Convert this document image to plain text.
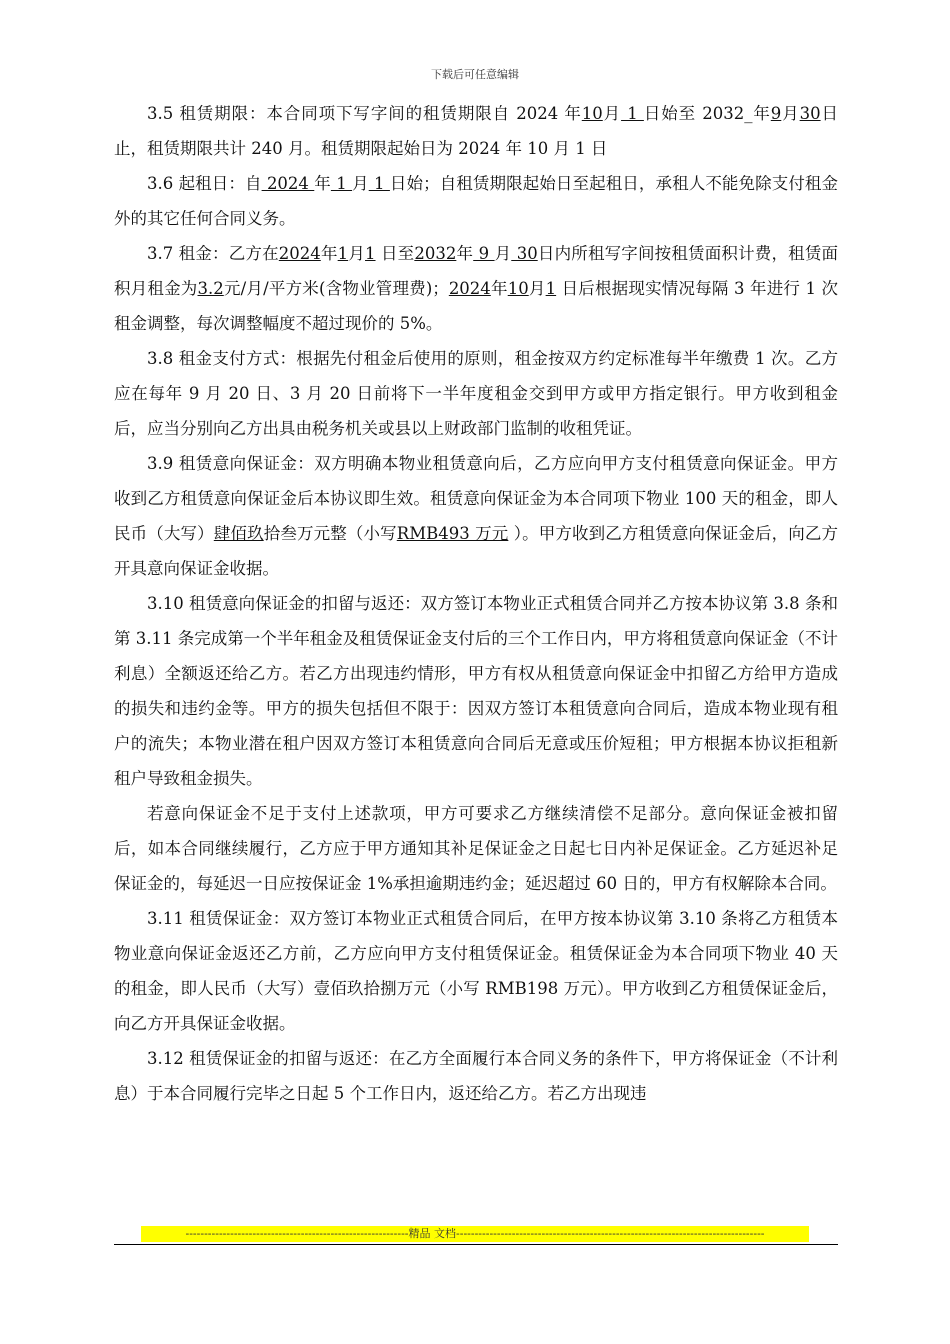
下载后可任意编辑

3.5 租赁期限：本合同项下写字间的租赁期限自 2024 年10月 1 日始至 2032_年9月30日止，租赁期限共计 240 月。租赁期限起始日为 2024 年 10 月 1 日

3.6 起租日：自 2024 年 1 月 1 日始；自租赁期限起始日至起租日，承租人不能免除支付租金外的其它任何合同义务。

3.7 租金：乙方在2024年1月1 日至2032年 9 月 30日内所租写字间按租赁面积计费，租赁面积月租金为3.2元/月/平方米(含物业管理费)；2024年10月1 日后根据现实情况每隔 3 年进行 1 次租金调整，每次调整幅度不超过现价的 5%。

3.8 租金支付方式：根据先付租金后使用的原则，租金按双方约定标准每半年缴费 1 次。乙方应在每年 9 月 20 日、3 月 20 日前将下一半年度租金交到甲方或甲方指定银行。甲方收到租金后，应当分别向乙方出具由税务机关或县以上财政部门监制的收租凭证。

3.9 租赁意向保证金：双方明确本物业租赁意向后，乙方应向甲方支付租赁意向保证金。甲方收到乙方租赁意向保证金后本协议即生效。租赁意向保证金为本合同项下物业 100 天的租金，即人民币（大写）肆佰玖拾叁万元整（小写RMB493 万元 ）。甲方收到乙方租赁意向保证金后，向乙方开具意向保证金收据。

3.10 租赁意向保证金的扣留与返还：双方签订本物业正式租赁合同并乙方按本协议第 3.8 条和第 3.11 条完成第一个半年租金及租赁保证金支付后的三个工作日内，甲方将租赁意向保证金（不计利息）全额返还给乙方。若乙方出现违约情形，甲方有权从租赁意向保证金中扣留乙方给甲方造成的损失和违约金等。甲方的损失包括但不限于：因双方签订本租赁意向合同后，造成本物业现有租户的流失；本物业潜在租户因双方签订本租赁意向合同后无意或压价短租；甲方根据本协议拒租新租户导致租金损失。

若意向保证金不足于支付上述款项，甲方可要求乙方继续清偿不足部分。意向保证金被扣留后，如本合同继续履行，乙方应于甲方通知其补足保证金之日起七日内补足保证金。乙方延迟补足保证金的，每延迟一日应按保证金 1%承担逾期违约金；延迟超过 60 日的，甲方有权解除本合同。

3.11 租赁保证金：双方签订本物业正式租赁合同后，在甲方按本协议第 3.10 条将乙方租赁本物业意向保证金返还乙方前，乙方应向甲方支付租赁保证金。租赁保证金为本合同项下物业 40 天的租金，即人民币（大写）壹佰玖拾捌万元（小写 RMB198 万元）。甲方收到乙方租赁保证金后，向乙方开具保证金收据。

3.12 租赁保证金的扣留与返还：在乙方全面履行本合同义务的条件下，甲方将保证金（不计利息）于本合同履行完毕之日起 5 个工作日内，返还给乙方。若乙方出现违

------------------------------------------------------------精品 文档-----------------------------------------------------------------------------------
